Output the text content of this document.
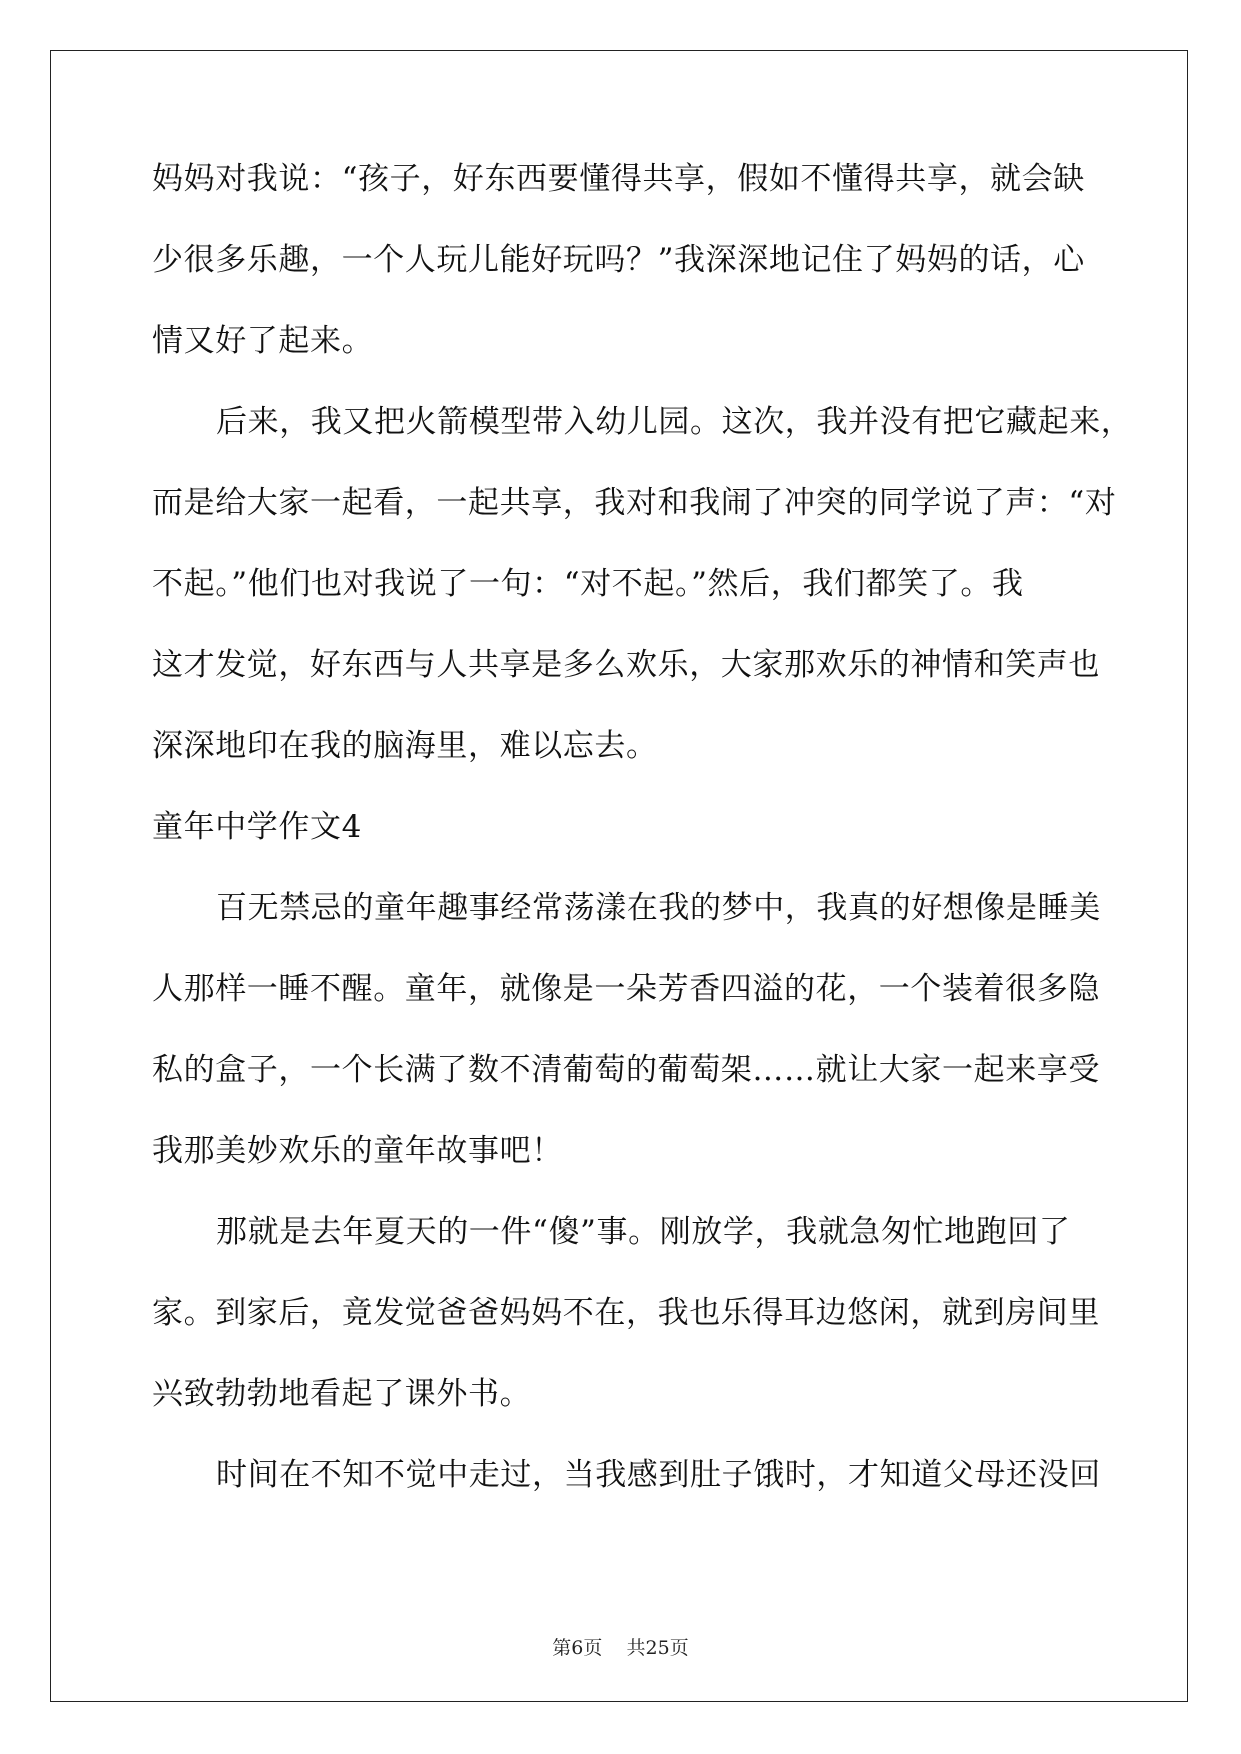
妈妈对我说：“孩子，好东西要懂得共享，假如不懂得共享，就会缺
少很多乐趣，一个人玩儿能好玩吗？”我深深地记住了妈妈的话，心
情又好了起来。
后来，我又把火箭模型带入幼儿园。这次，我并没有把它藏起来，
而是给大家一起看，一起共享，我对和我闹了冲突的同学说了声：“对
不起。”他们也对我说了一句：“对不起。”然后，我们都笑了。我
这才发觉，好东西与人共享是多么欢乐，大家那欢乐的神情和笑声也
深深地印在我的脑海里，难以忘去。
童年中学作文4
百无禁忌的童年趣事经常荡漾在我的梦中，我真的好想像是睡美
人那样一睡不醒。童年，就像是一朵芳香四溢的花，一个装着很多隐
私的盒子，一个长满了数不清葡萄的葡萄架……就让大家一起来享受
我那美妙欢乐的童年故事吧！
那就是去年夏天的一件“傻”事。刚放学，我就急匆忙地跑回了
家。到家后，竟发觉爸爸妈妈不在，我也乐得耳边悠闲，就到房间里
兴致勃勃地看起了课外书。
时间在不知不觉中走过，当我感到肚子饿时，才知道父母还没回
第6页    共25页
